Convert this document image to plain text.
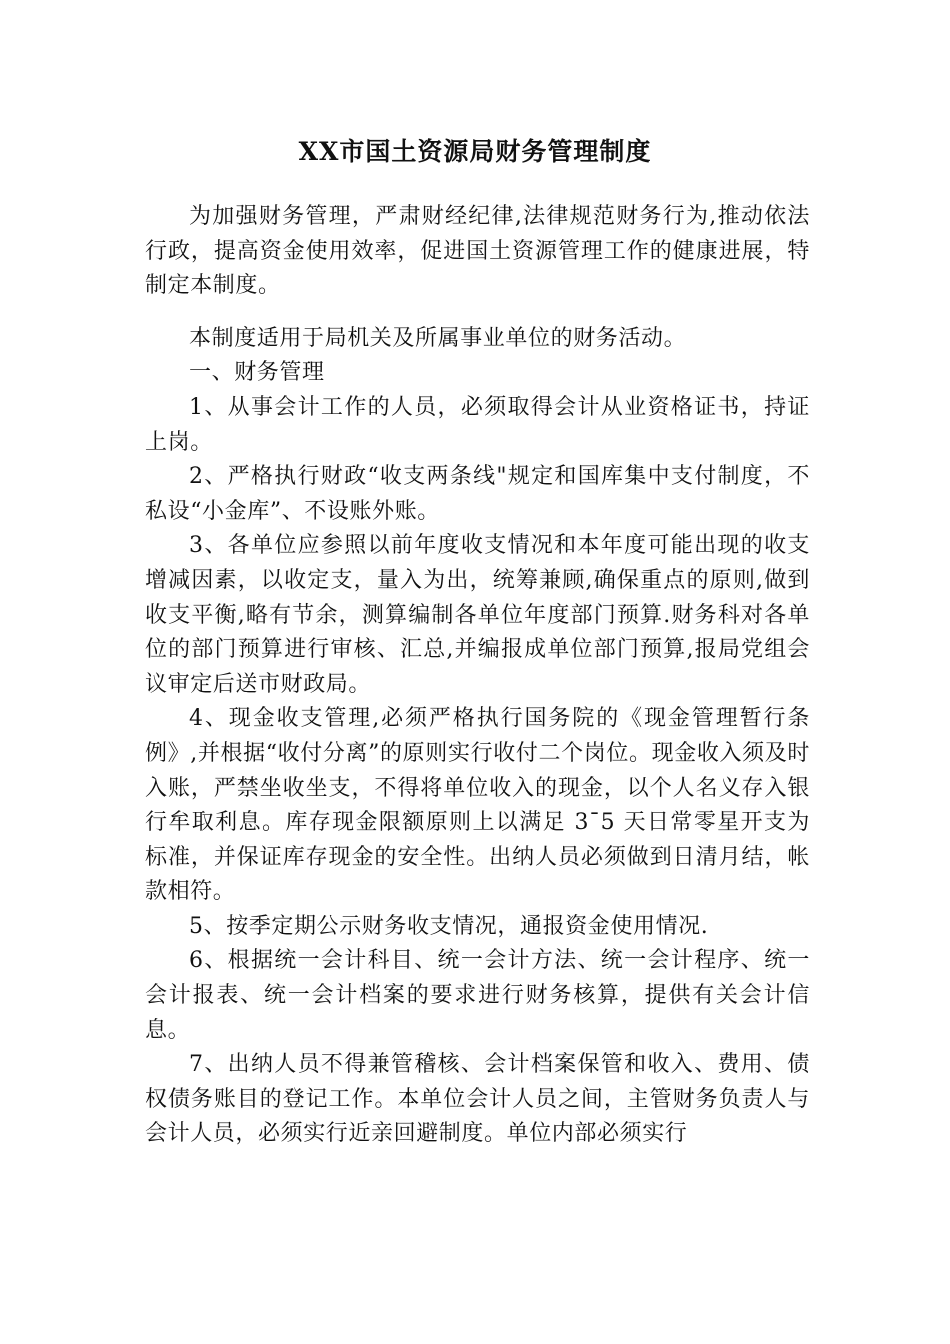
XX市国土资源局财务管理制度

为加强财务管理，严肃财经纪律,法律规范财务行为,推动依法行政，提高资金使用效率，促进国土资源管理工作的健康进展，特制定本制度。

本制度适用于局机关及所属事业单位的财务活动。

一、财务管理

1、从事会计工作的人员，必须取得会计从业资格证书，持证上岗。

2、严格执行财政“收支两条线"规定和国库集中支付制度，不私设“小金库”、不设账外账。

3、各单位应参照以前年度收支情况和本年度可能出现的收支增减因素，以收定支，量入为出，统筹兼顾,确保重点的原则,做到收支平衡,略有节余，测算编制各单位年度部门预算.财务科对各单位的部门预算进行审核、汇总,并编报成单位部门预算,报局党组会议审定后送市财政局。

4、现金收支管理,必须严格执行国务院的《现金管理暂行条例》,并根据“收付分离”的原则实行收付二个岗位。现金收入须及时入账，严禁坐收坐支，不得将单位收入的现金，以个人名义存入银行牟取利息。库存现金限额原则上以满足 3¯5 天日常零星开支为标准，并保证库存现金的安全性。出纳人员必须做到日清月结，帐款相符。

5、按季定期公示财务收支情况，通报资金使用情况.

6、根据统一会计科目、统一会计方法、统一会计程序、统一会计报表、统一会计档案的要求进行财务核算，提供有关会计信息。

7、出纳人员不得兼管稽核、会计档案保管和收入、费用、债权债务账目的登记工作。本单位会计人员之间，主管财务负责人与会计人员，必须实行近亲回避制度。单位内部必须实行
